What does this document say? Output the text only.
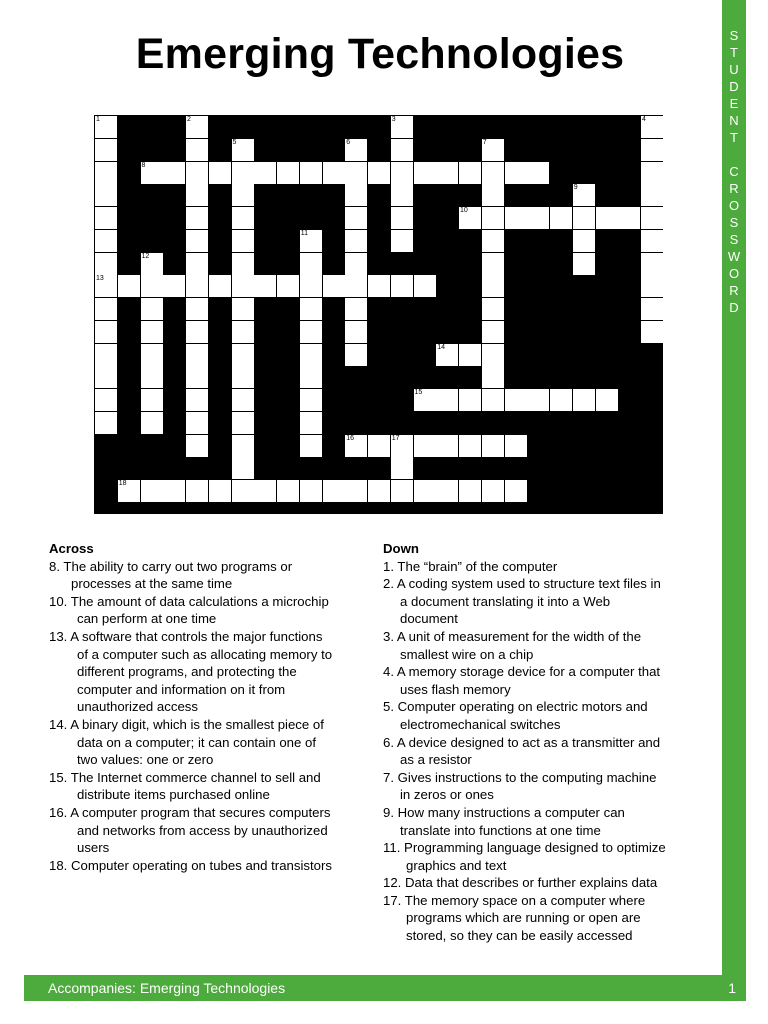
Emerging Technologies	S
T
U
D
E
N
T

C
R
O
S
S
W
O
R
D
1
13
2	3	4
5	6	7
8
9
10
11
12
14
15
16	17
18
Across
8. The ability to carry out two programs or
processes at the same time
10. The amount of data calculations a microchip
can perform at one time
13. A software that controls the major functions
of a computer such as allocating memory to
different programs, and protecting the
computer and information on it from
unauthorized access
14. A binary digit, which is the smallest piece of
data on a computer; it can contain one of
two values: one or zero
15. The Internet commerce channel to sell and
distribute items purchased online
16. A computer program that secures computers
and networks from access by unauthorized
users
18. Computer operating on tubes and transistors
Down
1. The “brain” of the computer
2. A coding system used to structure text files in
a document translating it into a Web
document
3. A unit of measurement for the width of the
smallest wire on a chip
4. A memory storage device for a computer that
uses flash memory
5. Computer operating on electric motors and
electromechanical switches
6. A device designed to act as a transmitter and
as a resistor
7. Gives instructions to the computing machine
in zeros or ones
9. How many instructions a computer can
translate into functions at one time
11. Programming language designed to optimize
graphics and text
12. Data that describes or further explains data
17. The memory space on a computer where
programs which are running or open are
stored, so they can be easily accessed
Accompanies: Emerging Technologies	1
